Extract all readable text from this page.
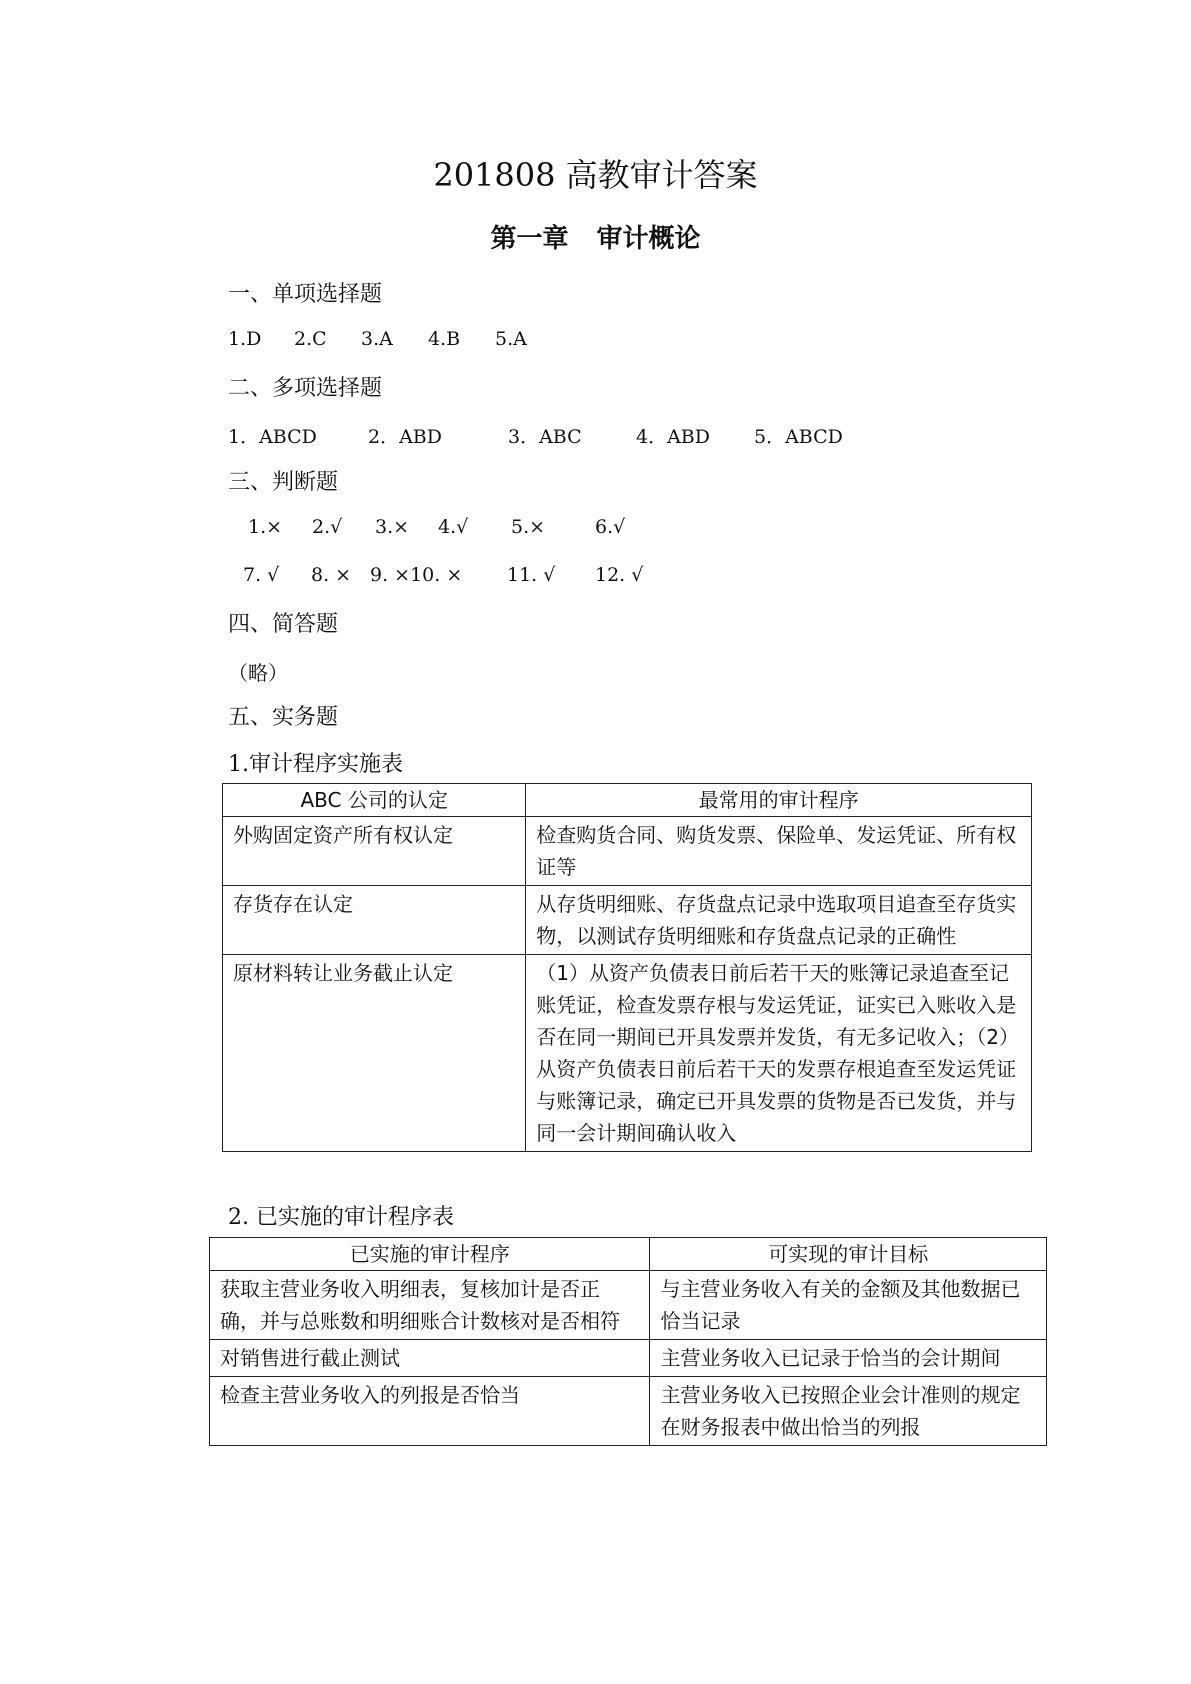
201808 高教审计答案
第一章 审计概论

一、单项选择题

1.D 2.C 3.A 4.B 5.A

二、多项选择题

1．ABCD	2．ABD	3．ABC	4．ABD 5．ABCD

三、判断题

1.× 2.√ 3.× 4.√ 5.×	6.√

7. √ 8. × 9. ×10. × 11. √ 12. √

四、简答题

（略）

五、实务题

1.审计程序实施表

ABC 公司的认定	最常用的审计程序
外购固定资产所有权认定	检查购货合同、购货发票、保险单、发运凭证、所有权证等
存货存在认定	从存货明细账、存货盘点记录中选取项目追查至存货实物，以测试存货明细账和存货盘点记录的正确性
原材料转让业务截止认定	（1）从资产负债表日前后若干天的账簿记录追查至记账凭证，检查发票存根与发运凭证，证实已入账收入是否在同一期间已开具发票并发货，有无多记收入；（2）从资产负债表日前后若干天的发票存根追查至发运凭证与账簿记录，确定已开具发票的货物是否已发货，并与同一会计期间确认收入

2. 已实施的审计程序表

已实施的审计程序	可实现的审计目标
获取主营业务收入明细表，复核加计是否正确，并与总账数和明细账合计数核对是否相符	与主营业务收入有关的金额及其他数据已恰当记录
对销售进行截止测试	主营业务收入已记录于恰当的会计期间
检查主营业务收入的列报是否恰当	主营业务收入已按照企业会计准则的规定在财务报表中做出恰当的列报
